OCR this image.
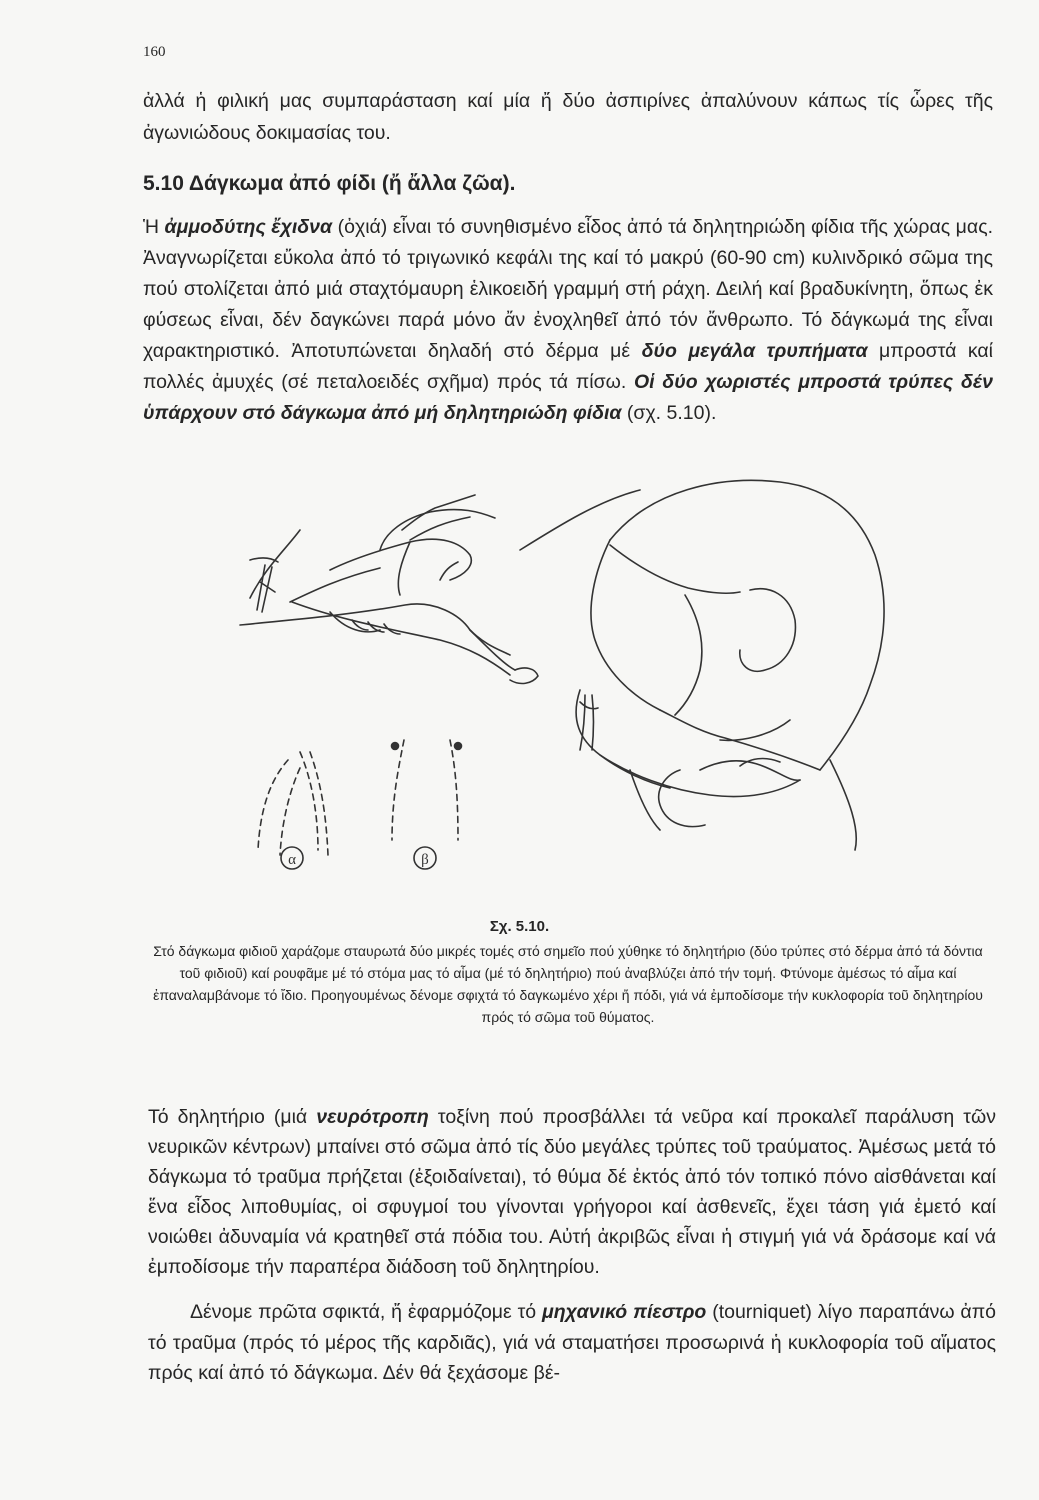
160

ἀλλά ἡ φιλική μας συμπαράσταση καί μία ἤ δύο ἀσπιρίνες ἀπαλύνουν κάπως τίς ὧρες τῆς ἀγωνιώδους δοκιμασίας του.

5.10 Δάγκωμα ἀπό φίδι (ἤ ἄλλα ζῶα).

Ἡ ἀμμοδύτης ἔχιδνα (ὀχιά) εἶναι τό συνηθισμένο εἶδος ἀπό τά δηλητηριώδη φίδια τῆς χώρας μας. Ἀναγνωρίζεται εὔκολα ἀπό τό τριγωνικό κεφάλι της καί τό μακρύ (60-90 cm) κυλινδρικό σῶμα της πού στολίζεται ἀπό μιά σταχτόμαυρη ἑλικοειδή γραμμή στή ράχη. Δειλή καί βραδυκίνητη, ὅπως ἐκ φύσεως εἶναι, δέν δαγκώνει παρά μόνο ἄν ἐνοχληθεῖ ἀπό τόν ἄνθρωπο. Τό δάγκωμά της εἶναι χαρακτηριστικό. Ἀποτυπώνεται δηλαδή στό δέρμα μέ δύο μεγάλα τρυπήματα μπροστά καί πολλές ἀμυχές (σέ πεταλοειδές σχῆμα) πρός τά πίσω. Οἱ δύο χωριστές μπροστά τρύπες δέν ὑπάρχουν στό δάγκωμα ἀπό μή δηλητηριώδη φίδια (σχ. 5.10).

α	β
Σχ. 5.10.

Στό δάγκωμα φιδιοῦ χαράζομε σταυρωτά δύο μικρές τομές στό σημεῖο πού χύθηκε τό δηλητήριο (δύο τρύπες στό δέρμα ἀπό τά δόντια τοῦ φιδιοῦ) καί ρουφᾶμε μέ τό στόμα μας τό αἷμα (μέ τό δηλητήριο) πού ἀναβλύζει ἀπό τήν τομή. Φτύνομε ἀμέσως τό αἷμα καί ἐπαναλαμβάνομε τό ἴδιο. Προηγουμένως δένομε σφιχτά τό δαγκωμένο χέρι ἤ πόδι, γιά νά ἐμποδίσομε τήν κυκλοφορία τοῦ δηλητηρίου πρός τό σῶμα τοῦ θύματος.

Τό δηλητήριο (μιά νευρότροπη τοξίνη πού προσβάλλει τά νεῦρα καί προκαλεῖ παράλυση τῶν νευρικῶν κέντρων) μπαίνει στό σῶμα ἀπό τίς δύο μεγάλες τρύπες τοῦ τραύματος. Ἀμέσως μετά τό δάγκωμα τό τραῦμα πρήζεται (ἐξοιδαίνεται), τό θύμα δέ ἐκτός ἀπό τόν τοπικό πόνο αἰσθάνεται καί ἕνα εἶδος λιποθυμίας, οἱ σφυγμοί του γίνονται γρήγοροι καί ἀσθενεῖς, ἔχει τάση γιά ἐμετό καί νοιώθει ἀδυναμία νά κρατηθεῖ στά πόδια του. Αὐτή ἀκριβῶς εἶναι ἡ στιγμή γιά νά δράσομε καί νά ἐμποδίσομε τήν παραπέρα διάδοση τοῦ δηλητηρίου.

Δένομε πρῶτα σφικτά, ἤ ἐφαρμόζομε τό μηχανικό πίεστρο (tourniquet) λίγο παραπάνω ἀπό τό τραῦμα (πρός τό μέρος τῆς καρδιᾶς), γιά νά σταματήσει προσωρινά ἡ κυκλοφορία τοῦ αἵματος πρός καί ἀπό τό δάγκωμα. Δέν θά ξεχάσομε βέ-
